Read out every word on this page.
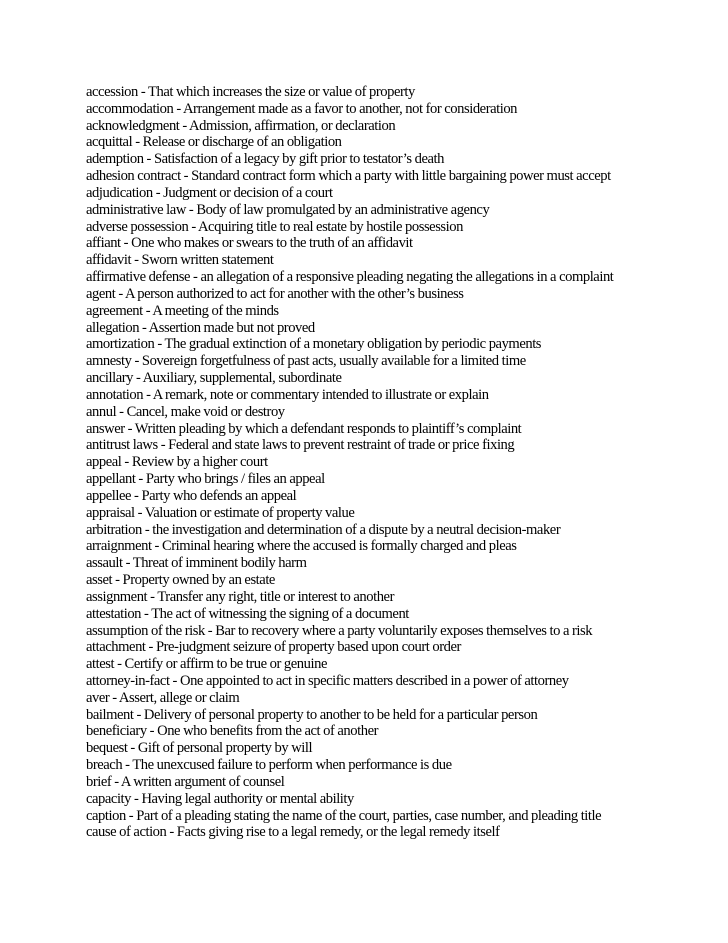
accession - That which increases the size or value of property
accommodation - Arrangement made as a favor to another, not for consideration
acknowledgment - Admission, affirmation, or declaration
acquittal - Release or discharge of an obligation
ademption - Satisfaction of a legacy by gift prior to testator’s death
adhesion contract - Standard contract form which a party with little bargaining power must accept
adjudication - Judgment or decision of a court
administrative law - Body of law promulgated by an administrative agency
adverse possession - Acquiring title to real estate by hostile possession
affiant - One who makes or swears to the truth of an affidavit
affidavit - Sworn written statement
affirmative defense - an allegation of a responsive pleading negating the allegations in a complaint
agent - A person authorized to act for another with the other’s business
agreement - A meeting of the minds
allegation - Assertion made but not proved
amortization - The gradual extinction of a monetary obligation by periodic payments
amnesty - Sovereign forgetfulness of past acts, usually available for a limited time
ancillary - Auxiliary, supplemental, subordinate
annotation - A remark, note or commentary intended to illustrate or explain
annul - Cancel, make void or destroy
answer - Written pleading by which a defendant responds to plaintiff’s complaint
antitrust laws - Federal and state laws to prevent restraint of trade or price fixing
appeal - Review by a higher court
appellant - Party who brings / files an appeal
appellee - Party who defends an appeal
appraisal - Valuation or estimate of property value
arbitration - the investigation and determination of a dispute by a neutral decision-maker
arraignment - Criminal hearing where the accused is formally charged and pleas
assault - Threat of imminent bodily harm
asset - Property owned by an estate
assignment - Transfer any right, title or interest to another
attestation - The act of witnessing the signing of a document
assumption of the risk - Bar to recovery where a party voluntarily exposes themselves to a risk
attachment - Pre-judgment seizure of property based upon court order
attest - Certify or affirm to be true or genuine
attorney-in-fact - One appointed to act in specific matters described in a power of attorney
aver - Assert, allege or claim
bailment - Delivery of personal property to another to be held for a particular person
beneficiary - One who benefits from the act of another
bequest - Gift of personal property by will
breach - The unexcused failure to perform when performance is due
brief - A written argument of counsel
capacity - Having legal authority or mental ability
caption - Part of a pleading stating the name of the court, parties, case number, and pleading title
cause of action - Facts giving rise to a legal remedy, or the legal remedy itself
